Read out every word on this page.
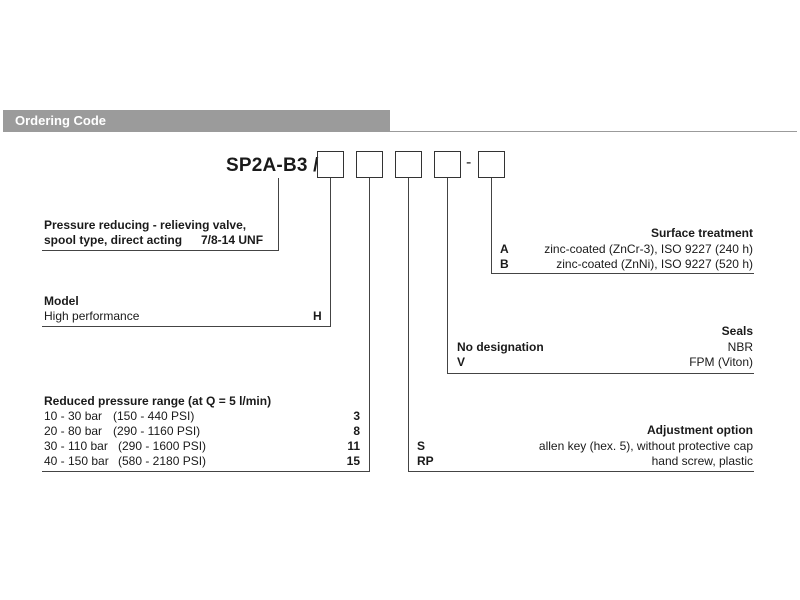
Ordering Code
SP2A-B3 /	-
Pressure reducing - relieving valve,
spool type, direct acting 7/8-14 UNF
Model
High performance	H
Reduced pressure range (at Q = 5 l/min)
10 - 30 bar (150 - 440 PSI)	3
20 - 80 bar (290 - 1160 PSI)	8
30 - 110 bar (290 - 1600 PSI)	11
40 - 150 bar (580 - 2180 PSI)	15
Surface treatment
A	zinc-coated (ZnCr-3), ISO 9227 (240 h)
B	zinc-coated (ZnNi), ISO 9227 (520 h)
Seals
No designation	NBR
V	FPM (Viton)
Adjustment option
S	allen key (hex. 5), without protective cap
RP	hand screw, plastic
